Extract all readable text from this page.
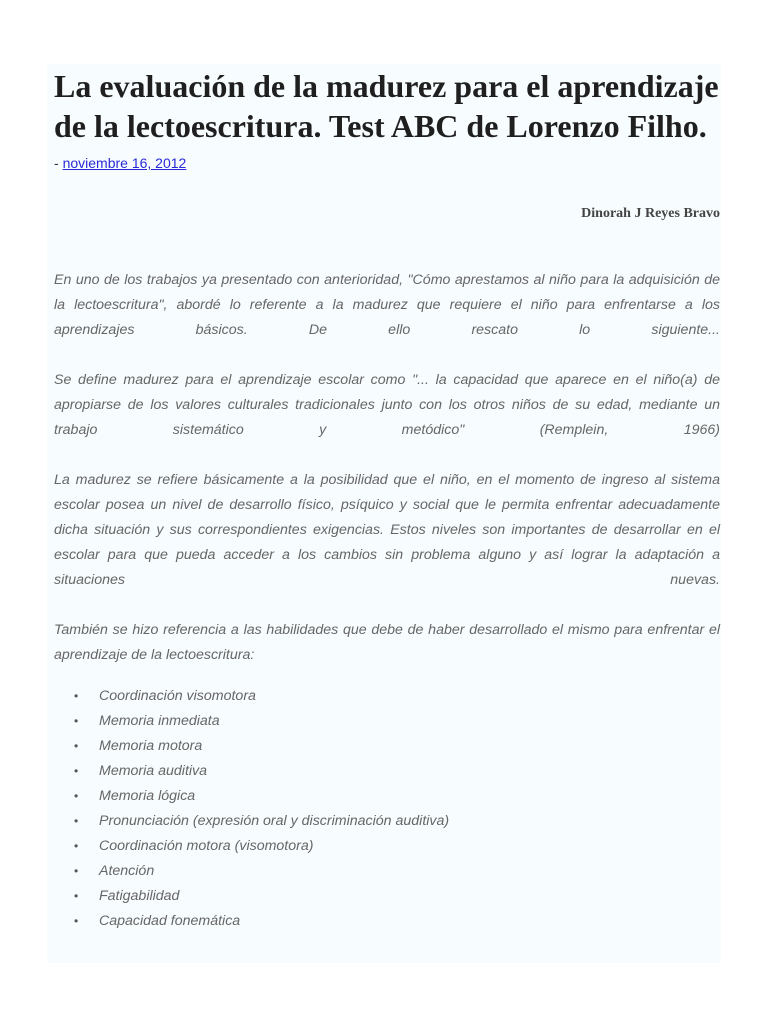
La evaluación de la madurez para el aprendizaje de la lectoescritura. Test ABC de Lorenzo Filho.
- noviembre 16, 2012
Dinorah J Reyes Bravo

En uno de los trabajos ya presentado con anterioridad, "Cómo aprestamos al niño para la adquisición de la lectoescritura", abordé lo referente a la madurez que requiere el niño para enfrentarse a los aprendizajes básicos. De ello rescato lo siguiente...

Se define madurez para el aprendizaje escolar como "... la capacidad que aparece en el niño(a) de apropiarse de los valores culturales tradicionales junto con los otros niños de su edad, mediante un trabajo sistemático y metódico" (Remplein, 1966)

La madurez se refiere básicamente a la posibilidad que el niño, en el momento de ingreso al sistema escolar posea un nivel de desarrollo físico, psíquico y social que le permita enfrentar adecuadamente dicha situación y sus correspondientes exigencias. Estos niveles son importantes de desarrollar en el escolar para que pueda acceder a los cambios sin problema alguno y así lograr la adaptación a situaciones nuevas.

También se hizo referencia a las habilidades que debe de haber desarrollado el mismo para enfrentar el aprendizaje de la lectoescritura:

• Coordinación visomotora
• Memoria inmediata
• Memoria motora
• Memoria auditiva
• Memoria lógica
• Pronunciación (expresión oral y discriminación auditiva)
• Coordinación motora (visomotora)
• Atención
• Fatigabilidad
• Capacidad fonemática
